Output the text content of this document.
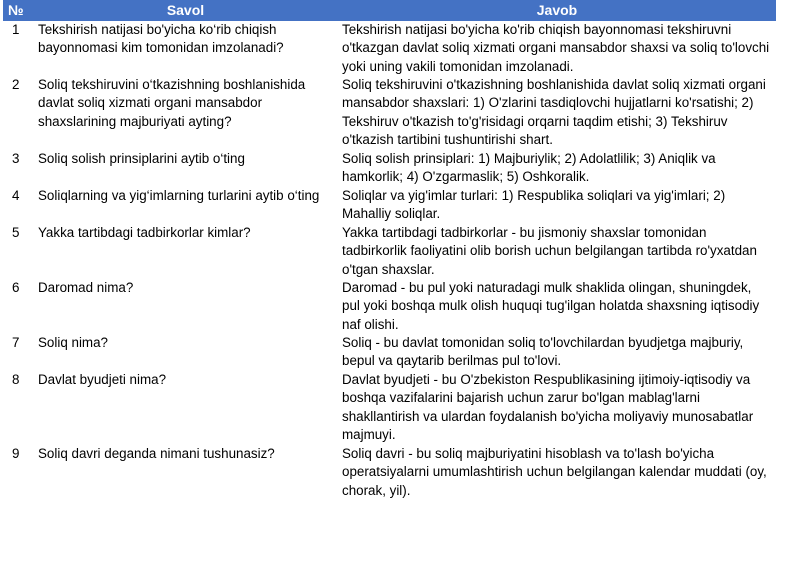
№	Savol	Javob
1	Tekshirish natijasi bo'yicha ko‘rib chiqish bayonnomasi kim tomonidan imzolanadi?	Tekshirish natijasi bo'yicha ko'rib chiqish bayonnomasi tekshiruvni o'tkazgan davlat soliq xizmati organi mansabdor shaxsi va soliq to'lovchi yoki uning vakili tomonidan imzolanadi.
2	Soliq tekshiruvini o‘tkazishning boshlanishida davlat soliq xizmati organi mansabdor shaxslarining majburiyati ayting?	Soliq tekshiruvini o'tkazishning boshlanishida davlat soliq xizmati organi mansabdor shaxslari: 1) O'zlarini tasdiqlovchi hujjatlarni ko'rsatishi; 2) Tekshiruv o'tkazish to'g'risidagi orqarni taqdim etishi; 3) Tekshiruv o'tkazish tartibini tushuntirishi shart.
3	Soliq solish prinsiplarini aytib o‘ting	Soliq solish prinsiplari: 1) Majburiylik; 2) Adolatlilik; 3) Aniqlik va hamkorlik; 4) O'zgarmaslik; 5) Oshkoralik.
4	Soliqlarning va yig‘imlarning turlarini aytib o‘ting	Soliqlar va yig'imlar turlari: 1) Respublika soliqlari va yig'imlari; 2) Mahalliy soliqlar.
5	Yakka tartibdagi tadbirkorlar kimlar?	Yakka tartibdagi tadbirkorlar - bu jismoniy shaxslar tomonidan tadbirkorlik faoliyatini olib borish uchun belgilangan tartibda ro'yxatdan o'tgan shaxslar.
6	Daromad nima?	Daromad - bu pul yoki naturadagi mulk shaklida olingan, shuningdek, pul yoki boshqa mulk olish huquqi tug'ilgan holatda shaxsning iqtisodiy naf olishi.
7	Soliq nima?	Soliq - bu davlat tomonidan soliq to'lovchilardan byudjetga majburiy, bepul va qaytarib berilmas pul to'lovi.
8	Davlat byudjeti nima?	Davlat byudjeti - bu O'zbekiston Respublikasining ijtimoiy-iqtisodiy va boshqa vazifalarini bajarish uchun zarur bo'lgan mablag'larni shakllantirish va ulardan foydalanish bo'yicha moliyaviy munosabatlar majmuyi.
9	Soliq davri deganda nimani tushunasiz?	Soliq davri - bu soliq majburiyatini hisoblash va to'lash bo'yicha operatsiyalarni umumlashtirish uchun belgilangan kalendar muddati (oy, chorak, yil).
